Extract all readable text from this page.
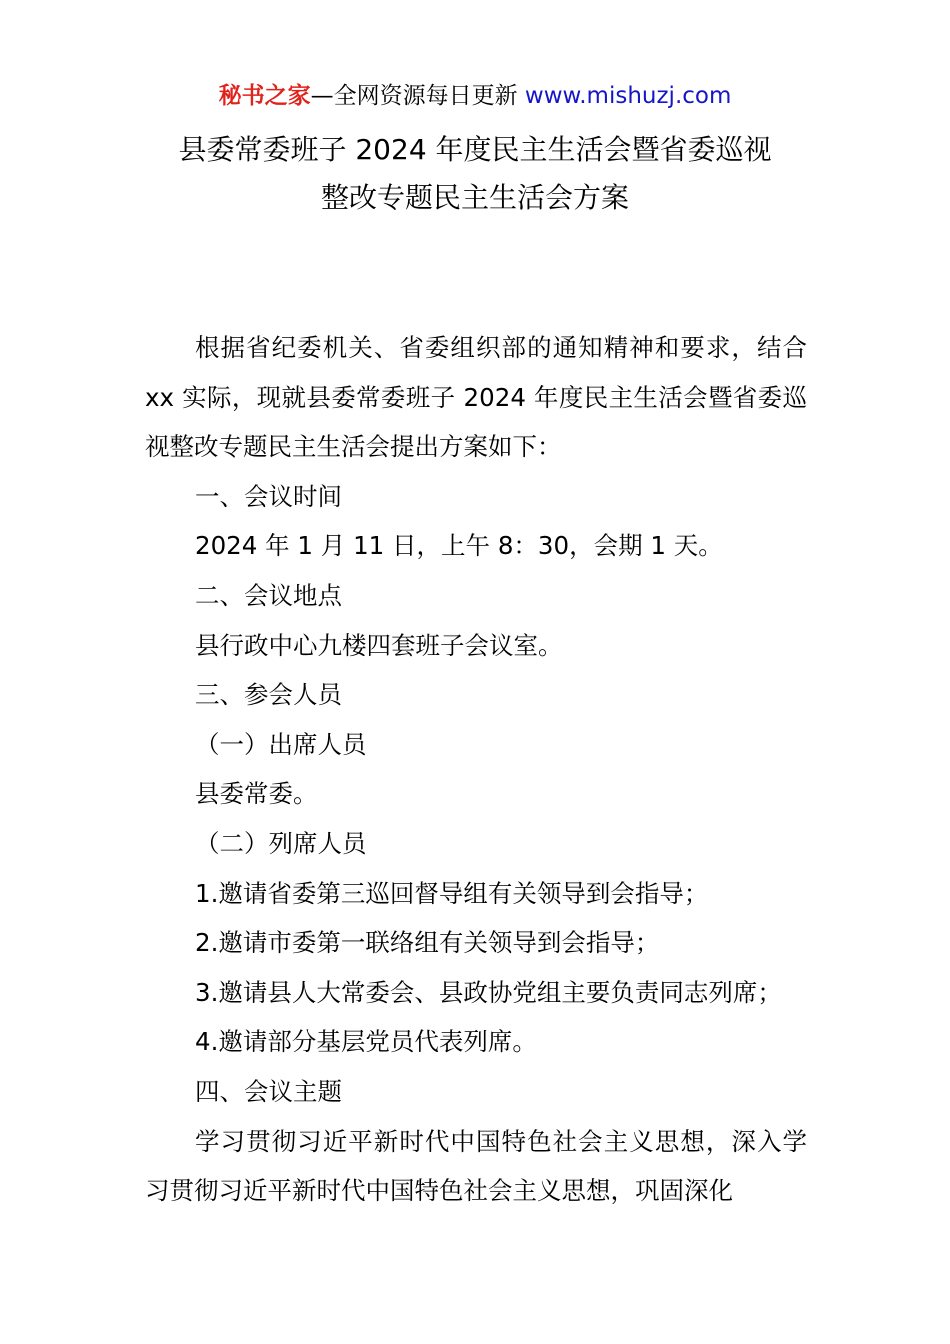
秘书之家—全网资源每日更新 www.mishuzj.com
县委常委班子 2024 年度民主生活会暨省委巡视
整改专题民主生活会方案

根据省纪委机关、省委组织部的通知精神和要求，结合 xx 实际，现就县委常委班子 2024 年度民主生活会暨省委巡视整改专题民主生活会提出方案如下：

一、会议时间

2024 年 1 月 11 日，上午 8：30，会期 1 天。

二、会议地点

县行政中心九楼四套班子会议室。

三、参会人员

（一）出席人员

县委常委。

（二）列席人员

1.邀请省委第三巡回督导组有关领导到会指导；

2.邀请市委第一联络组有关领导到会指导；

3.邀请县人大常委会、县政协党组主要负责同志列席；

4.邀请部分基层党员代表列席。

四、会议主题

学习贯彻习近平新时代中国特色社会主义思想，深入学习贯彻习近平新时代中国特色社会主义思想，巩固深化
